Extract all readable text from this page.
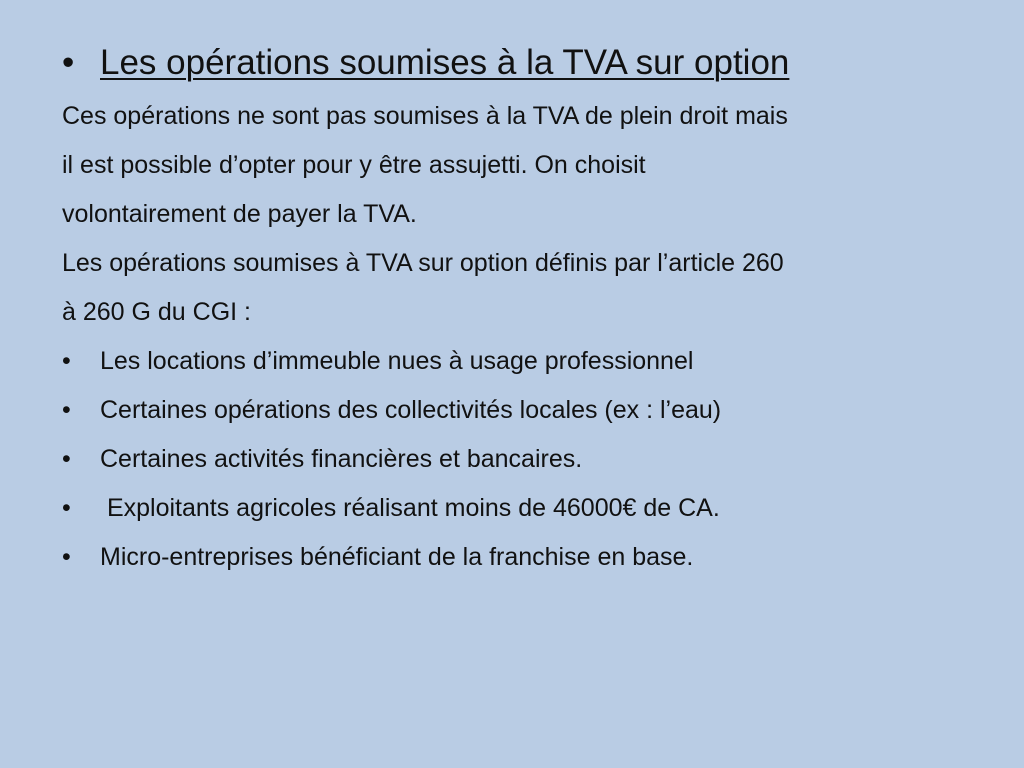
• Les opérations soumises à la TVA sur option

Ces opérations ne sont pas soumises à la TVA de plein droit mais
il est possible d’opter pour y être assujetti. On choisit
volontairement de payer la TVA.
Les opérations soumises à TVA sur option définis par l’article 260
à 260 G du CGI :

•	Les locations d’immeuble nues à usage professionnel
•	Certaines opérations des collectivités locales (ex : l’eau)
•	Certaines activités financières et bancaires.
•	Exploitants agricoles réalisant moins de 46000€ de CA.
•	Micro-entreprises bénéficiant de la franchise en base.
